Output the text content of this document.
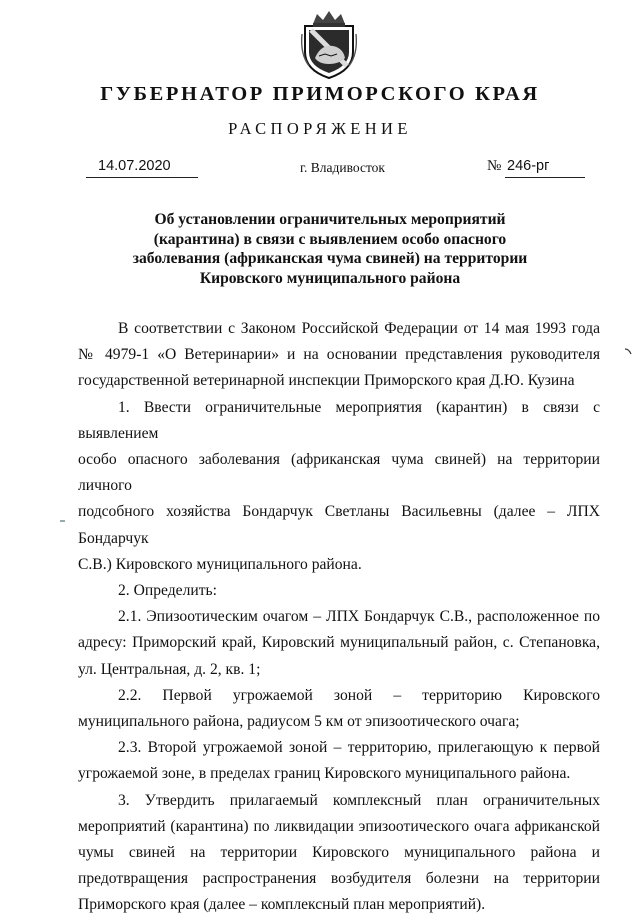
ГУБЕРНАТОР ПРИМОРСКОГО КРАЯ
РАСПОРЯЖЕНИЕ
14.07.2020	г. Владивосток	№ 246-рг
Об установлении ограничительных мероприятий
(карантина) в связи с выявлением особо опасного
заболевания (африканская чума свиней) на территории
Кировского муниципального района

В соответствии с Законом Российской Федерации от 14 мая 1993 года

№ 4979-1 «О Ветеринарии» и на основании представления руководителя

государственной ветеринарной инспекции Приморского края Д.Ю. Кузина

1. Ввести ограничительные мероприятия (карантин) в связи с выявлением

особо опасного заболевания (африканская чума свиней) на территории личного

подсобного хозяйства Бондарчук Светланы Васильевны (далее – ЛПХ Бондарчук

С.В.) Кировского муниципального района.

2. Определить:

2.1. Эпизоотическим очагом – ЛПХ Бондарчук С.В., расположенное по

адресу: Приморский край, Кировский муниципальный район, с. Степановка,

ул. Центральная, д. 2, кв. 1;

2.2. Первой угрожаемой зоной – территорию Кировского

муниципального района, радиусом 5 км от эпизоотического очага;

2.3. Второй угрожаемой зоной – территорию, прилегающую к первой

угрожаемой зоне, в пределах границ Кировского муниципального района.

3. Утвердить прилагаемый комплексный план ограничительных

мероприятий (карантина) по ликвидации эпизоотического очага африканской

чумы свиней на территории Кировского муниципального района и

предотвращения распространения возбудителя болезни на территории

Приморского края (далее – комплексный план мероприятий).
